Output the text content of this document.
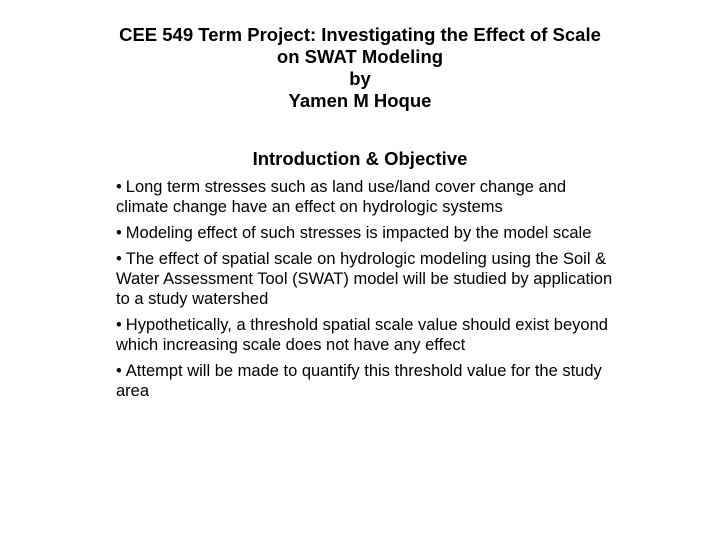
CEE 549 Term Project: Investigating the Effect of Scale
on SWAT Modeling
by
Yamen M Hoque
Introduction & Objective
• Long term stresses such as land use/land cover change and climate change have an effect on hydrologic systems
• Modeling effect of such stresses is impacted by the model scale
• The effect of spatial scale on hydrologic modeling using the Soil & Water Assessment Tool (SWAT) model will be studied by application to a study watershed
• Hypothetically, a threshold spatial scale value should exist beyond which increasing scale does not have any effect
• Attempt will be made to quantify this threshold value for the study area
